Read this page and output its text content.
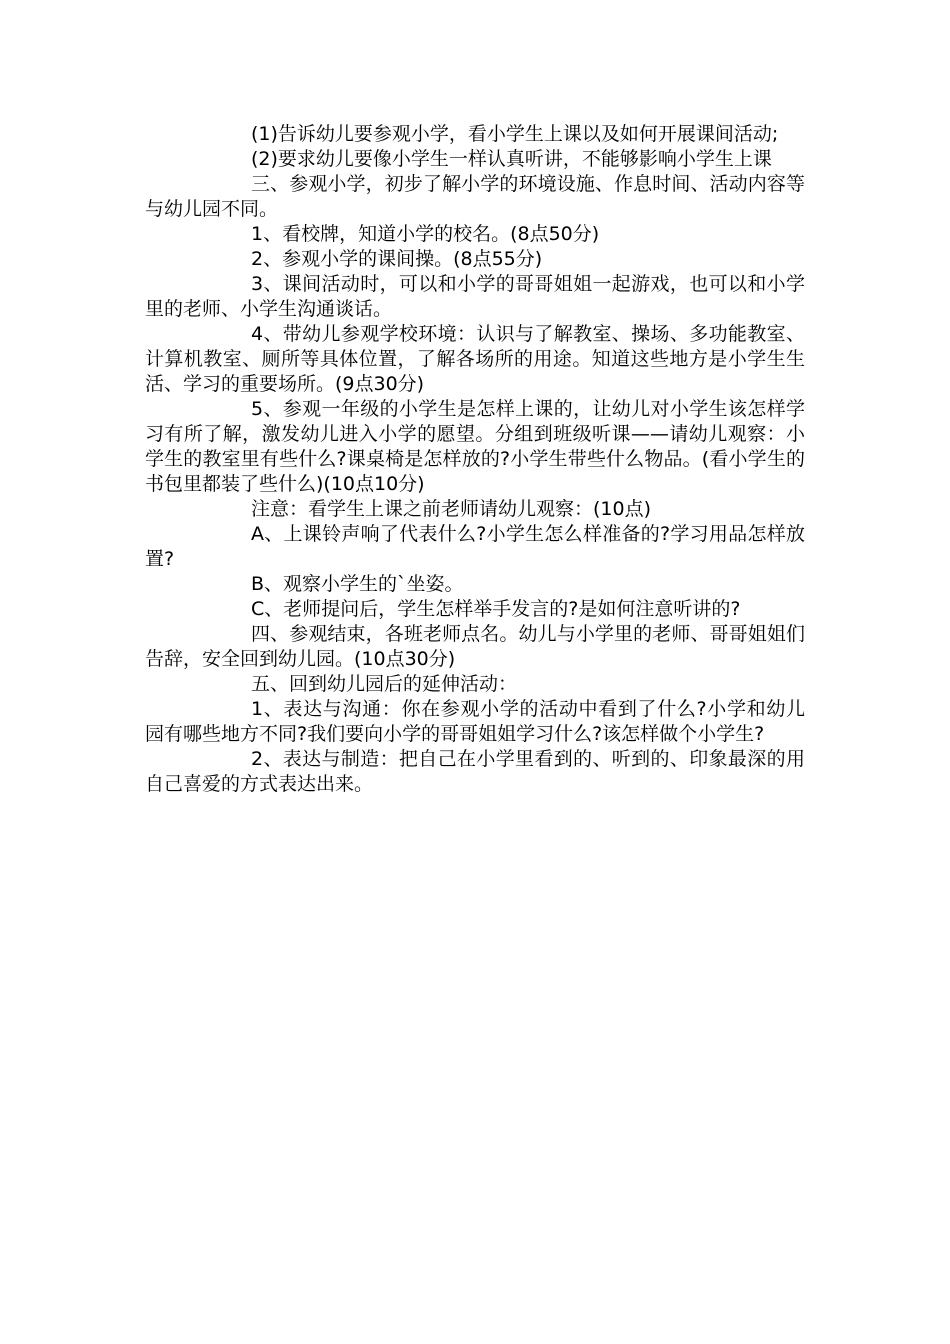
(1)告诉幼儿要参观小学，看小学生上课以及如何开展课间活动;

(2)要求幼儿要像小学生一样认真听讲，不能够影响小学生上课

三、参观小学，初步了解小学的环境设施、作息时间、活动内容等与幼儿园不同。

1、看校牌，知道小学的校名。(8点50分)

2、参观小学的课间操。(8点55分)

3、课间活动时，可以和小学的哥哥姐姐一起游戏，也可以和小学里的老师、小学生沟通谈话。

4、带幼儿参观学校环境：认识与了解教室、操场、多功能教室、计算机教室、厕所等具体位置，了解各场所的用途。知道这些地方是小学生生活、学习的重要场所。(9点30分)

5、参观一年级的小学生是怎样上课的，让幼儿对小学生该怎样学习有所了解，激发幼儿进入小学的愿望。分组到班级听课——请幼儿观察：小学生的教室里有些什么?课桌椅是怎样放的?小学生带些什么物品。(看小学生的书包里都装了些什么)(10点10分)

注意：看学生上课之前老师请幼儿观察：(10点)

A、上课铃声响了代表什么?小学生怎么样准备的?学习用品怎样放置?

B、观察小学生的`坐姿。

C、老师提问后，学生怎样举手发言的?是如何注意听讲的?

四、参观结束，各班老师点名。幼儿与小学里的老师、哥哥姐姐们告辞，安全回到幼儿园。(10点30分)

五、回到幼儿园后的延伸活动：

1、表达与沟通：你在参观小学的活动中看到了什么?小学和幼儿园有哪些地方不同?我们要向小学的哥哥姐姐学习什么?该怎样做个小学生?

2、表达与制造：把自己在小学里看到的、听到的、印象最深的用自己喜爱的方式表达出来。
